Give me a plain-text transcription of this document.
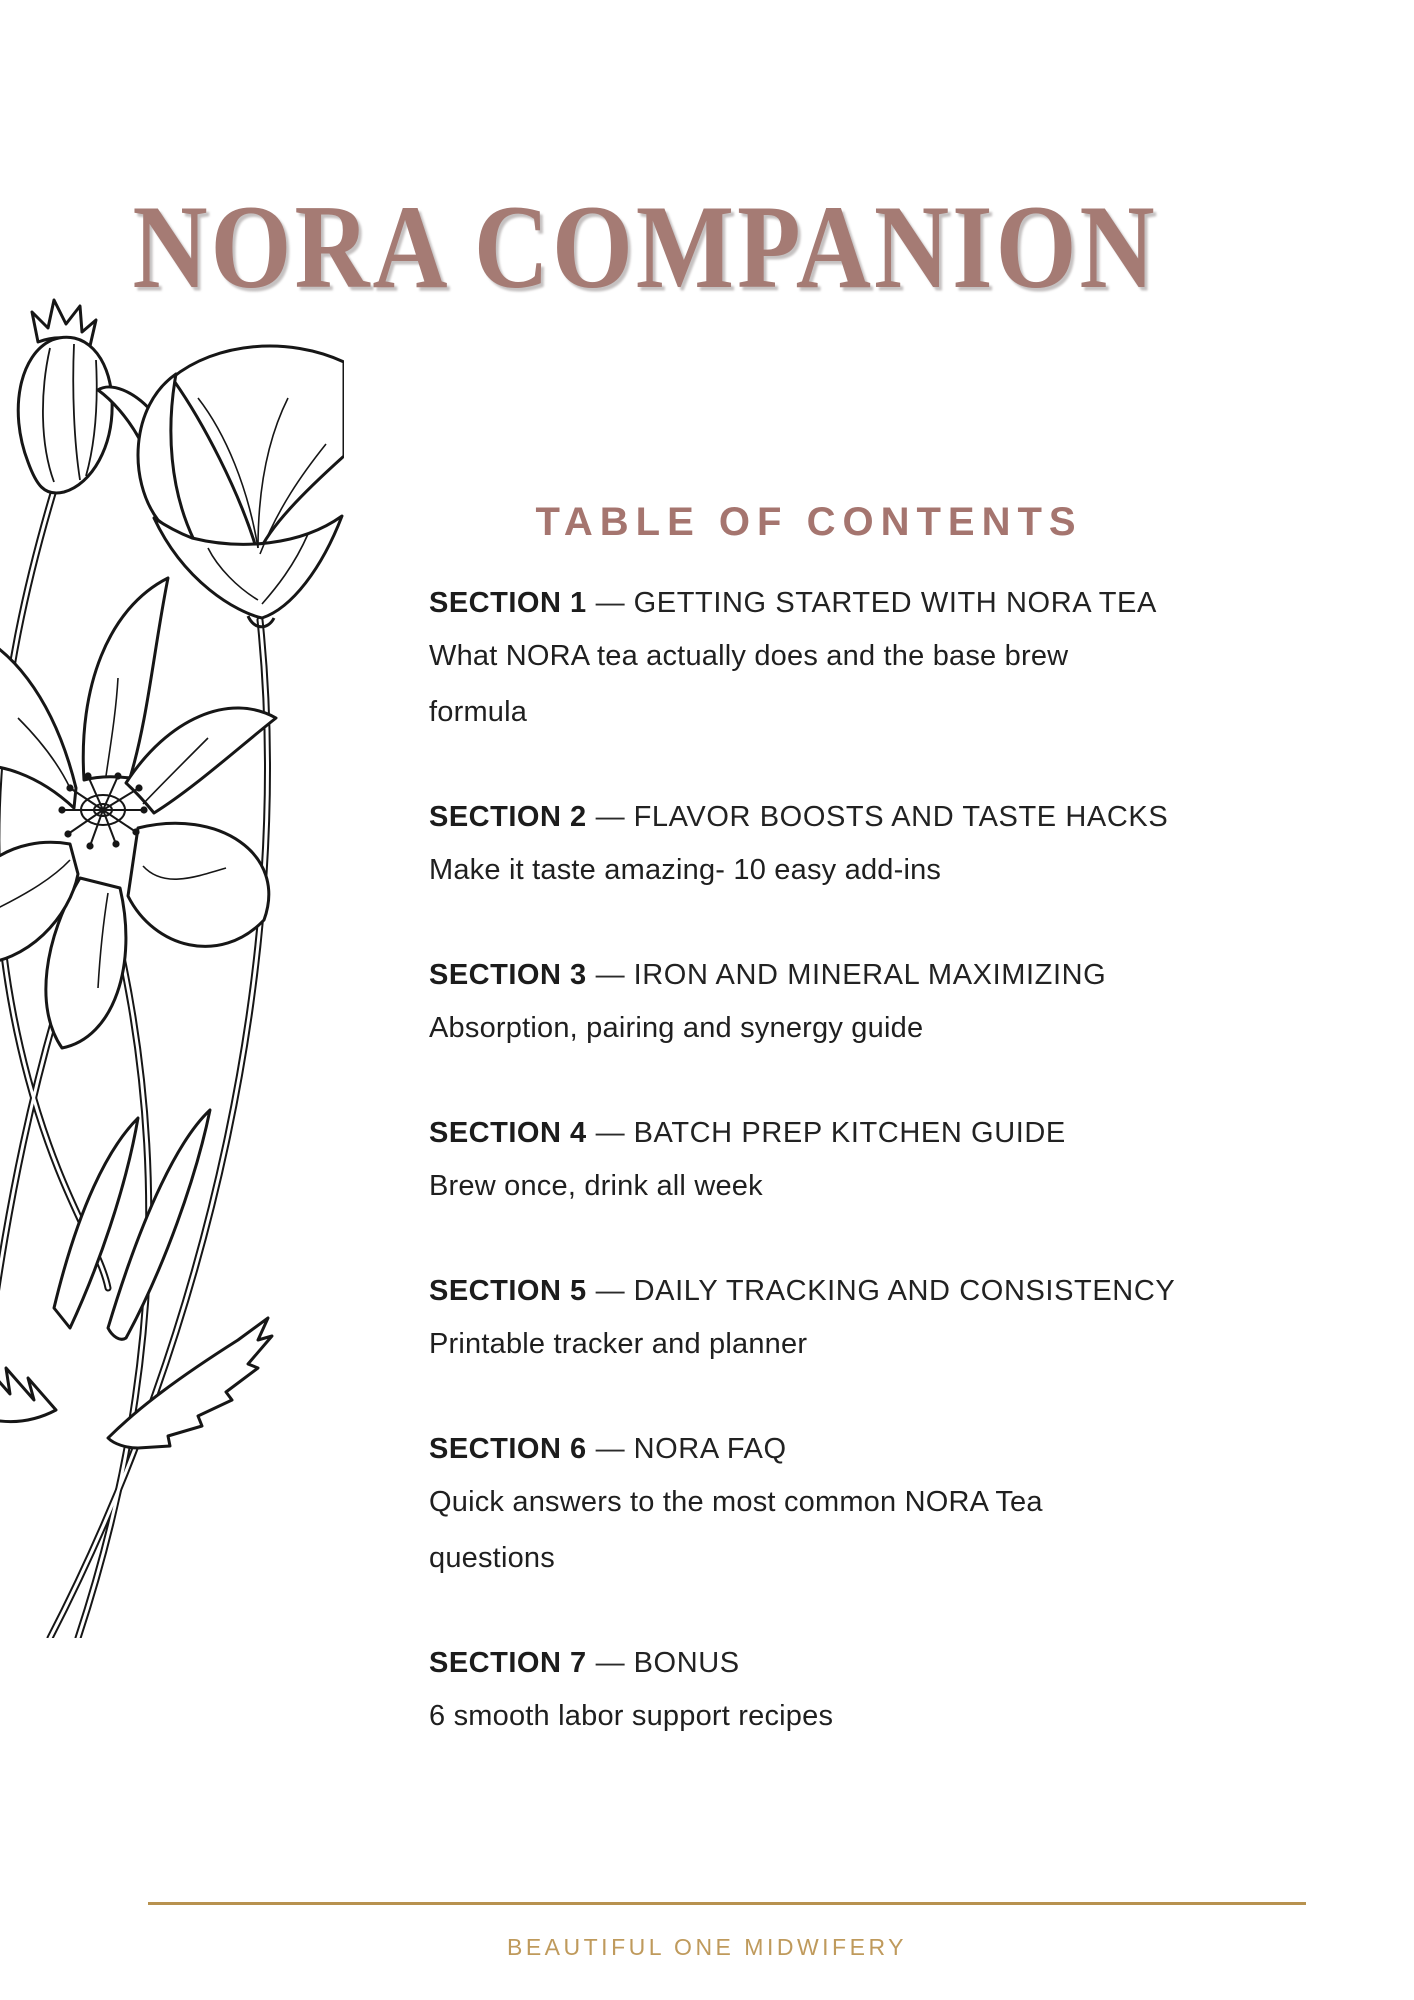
NORA COMPANION
TABLE OF CONTENTS

SECTION 1 — GETTING STARTED WITH NORA TEA

What NORA tea actually does and the base brew formula

SECTION 2 — FLAVOR BOOSTS AND TASTE HACKS

Make it taste amazing- 10 easy add-ins

SECTION 3 — IRON AND MINERAL MAXIMIZING

Absorption, pairing and synergy guide

SECTION 4 — BATCH PREP KITCHEN GUIDE

Brew once, drink all week

SECTION 5 — DAILY TRACKING AND CONSISTENCY

Printable tracker and planner

SECTION 6 — NORA FAQ

Quick answers to the most common NORA Tea questions

SECTION 7 — BONUS

6 smooth labor support recipes

BEAUTIFUL ONE MIDWIFERY
